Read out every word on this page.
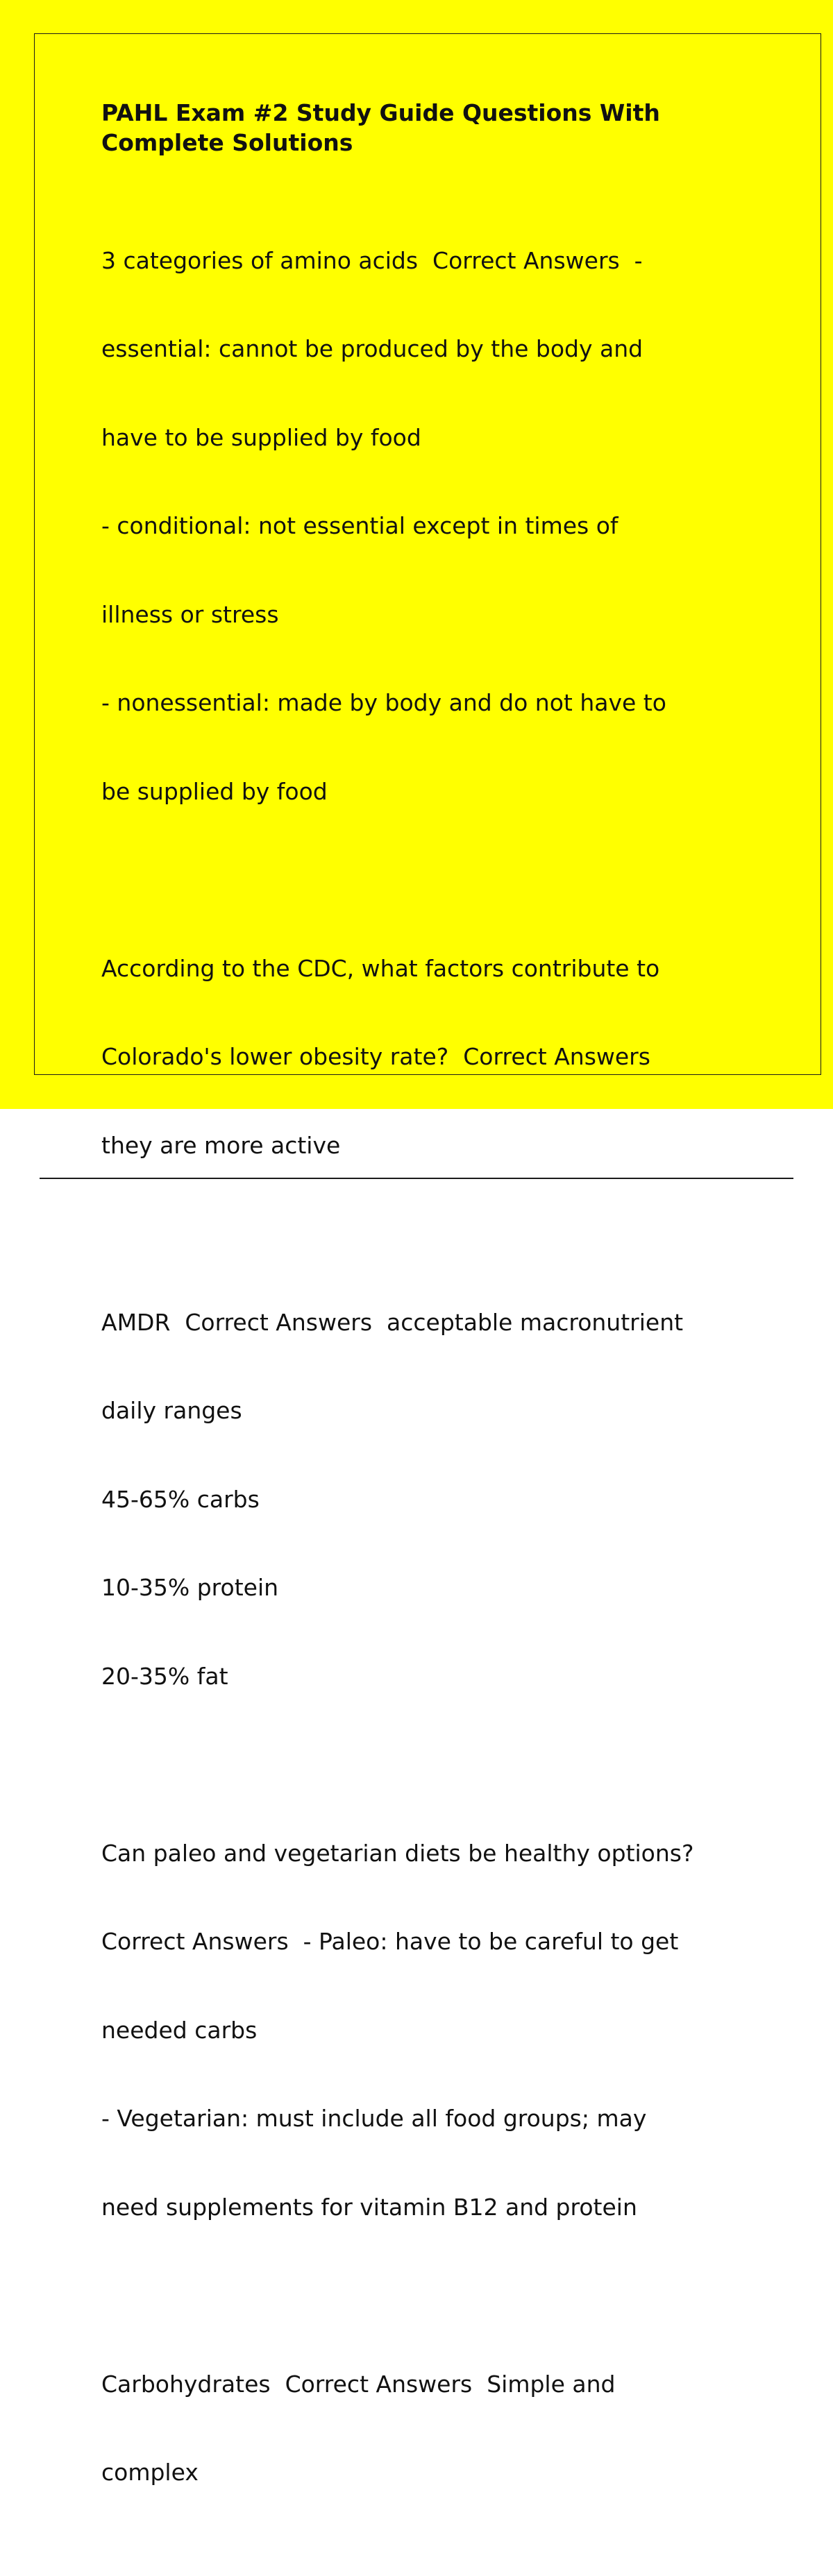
PAHL Exam #2 Study Guide Questions With
Complete Solutions

3 categories of amino acids  Correct Answers  -

essential: cannot be produced by the body and

have to be supplied by food

- conditional: not essential except in times of

illness or stress

- nonessential: made by body and do not have to

be supplied by food

According to the CDC, what factors contribute to

Colorado's lower obesity rate?  Correct Answers

they are more active

AMDR  Correct Answers  acceptable macronutrient

daily ranges

45-65% carbs

10-35% protein

20-35% fat

Can paleo and vegetarian diets be healthy options?

Correct Answers  - Paleo: have to be careful to get

needed carbs

- Vegetarian: must include all food groups; may

need supplements for vitamin B12 and protein

Carbohydrates  Correct Answers  Simple and

complex
